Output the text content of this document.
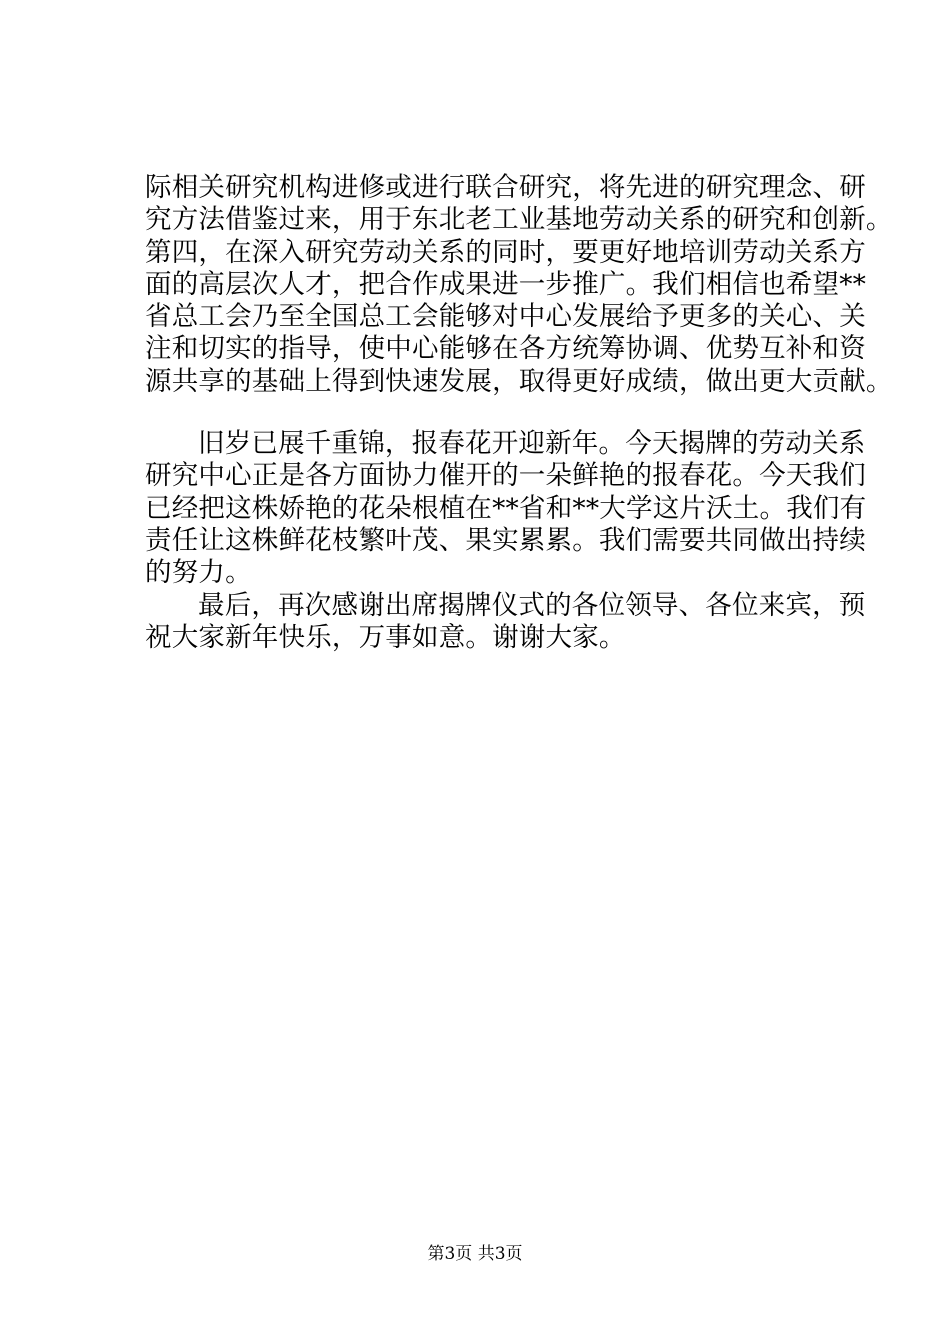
际相关研究机构进修或进行联合研究，将先进的研究理念、研
究方法借鉴过来，用于东北老工业基地劳动关系的研究和创新。
第四，在深入研究劳动关系的同时，要更好地培训劳动关系方
面的高层次人才，把合作成果进一步推广。我们相信也希望**
省总工会乃至全国总工会能够对中心发展给予更多的关心、关
注和切实的指导，使中心能够在各方统筹协调、优势互补和资
源共享的基础上得到快速发展，取得更好成绩，做出更大贡献。
旧岁已展千重锦，报春花开迎新年。今天揭牌的劳动关系
研究中心正是各方面协力催开的一朵鲜艳的报春花。今天我们
已经把这株娇艳的花朵根植在**省和**大学这片沃土。我们有
责任让这株鲜花枝繁叶茂、果实累累。我们需要共同做出持续
的努力。
最后，再次感谢出席揭牌仪式的各位领导、各位来宾，预
祝大家新年快乐，万事如意。谢谢大家。
第3页 共3页
